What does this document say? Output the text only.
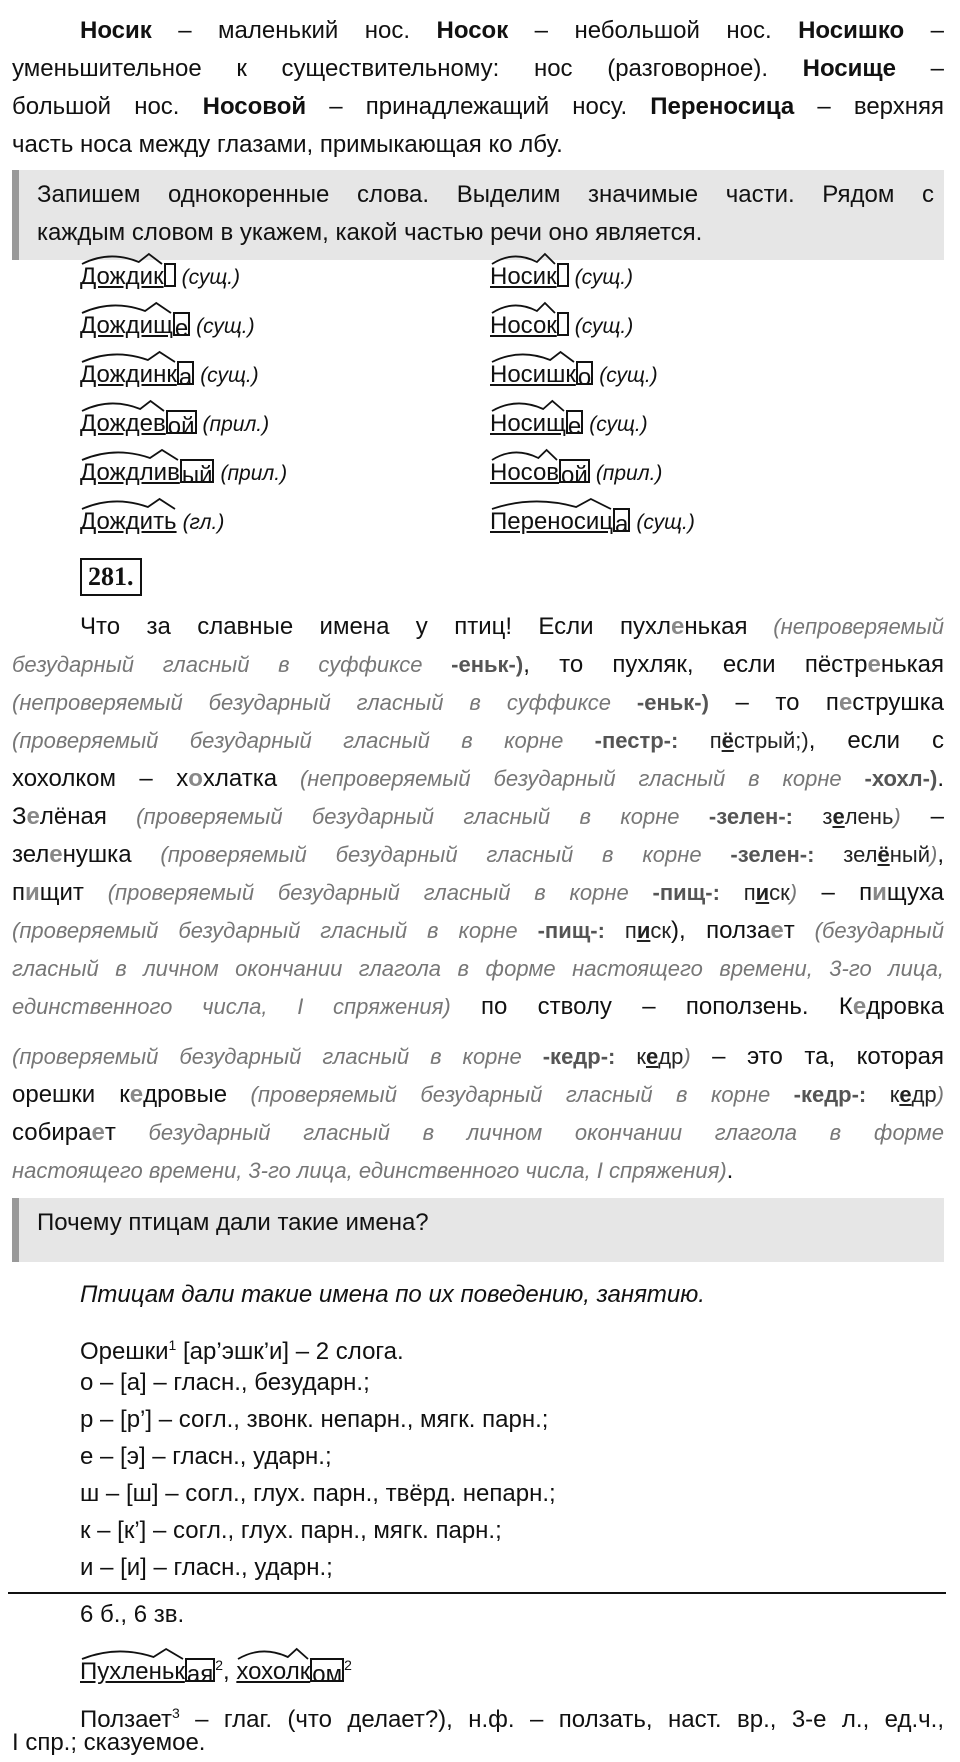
Носик – маленький нос. Носок – небольшой нос. Носишко –
уменьшительное к существительному: нос (разговорное). Носище –
большой нос. Носовой – принадлежащий носу. Переносица – верхняя
часть носа между глазами, примыкающая ко лбу.
Запишем однокоренные слова. Выделим значимые части. Рядом с
каждым словом в укажем, какой частью речи оно является.
Дождик (сущ.)
Дождище (сущ.)
Дождинка (сущ.)
Дождевой (прил.)
Дождливый (прил.)
Дождить (гл.)
Носик (сущ.)
Носок (сущ.)
Носишко (сущ.)
Носище (сущ.)
Носовой (прил.)
Переносица (сущ.)
281.
Что за славные имена у птиц! Если пухленькая (непроверяемый
безударный гласный в суффиксе -еньк-), то пухляк, если пёстренькая
(непроверяемый безударный гласный в суффиксе -еньк-) – то пеструшка
(проверяемый безударный гласный в корне -пестр-: пёстрый;), если с
хохолком – хохлатка (непроверяемый безударный гласный в корне -хохл-).
Зелёная (проверяемый безударный гласный в корне -зелен-: зелень) –
зеленушка (проверяемый безударный гласный в корне -зелен-: зелёный),
пищит (проверяемый безударный гласный в корне -пищ-: писк) – пищуха
(проверяемый безударный гласный в корне -пищ-: писк), ползaет (безударный
гласный в личном окончании глагола в форме настоящего времени, 3-го лица,
единственного числа, I спряжения) по стволу – поползень. Кедровка
(проверяемый безударный гласный в корне -кедр-: кедр) – это та, которая
орешки кедровые (проверяемый безударный гласный в корне -кедр-: кедр)
собирает безударный гласный в личном окончании глагола в форме
настоящего времени, 3-го лица, единственного числа, I спряжения).
Почему птицам дали такие имена?
Птицам дали такие имена по их поведению, занятию.
Орешки$^1$ [ар’эшк’и] – 2 слога.
о – [а] – гласн., безударн.;
р – [р’] – согл., звонк. непарн., мягк. парн.;
е – [э] – гласн., ударн.;
ш – [ш] – согл., глух. парн., твёрд. непарн.;
к – [к’] – согл., глух. парн., мягк. парн.;
и – [и] – гласн., ударн.;
6 б., 6 зв.
Пухленькая $^2$, хохолком $^2$
Ползает$^3$ – глаг. (что делает?), н.ф. – ползать, наст. вр., 3-е л., ед.ч.,
I спр.; сказуемое.
